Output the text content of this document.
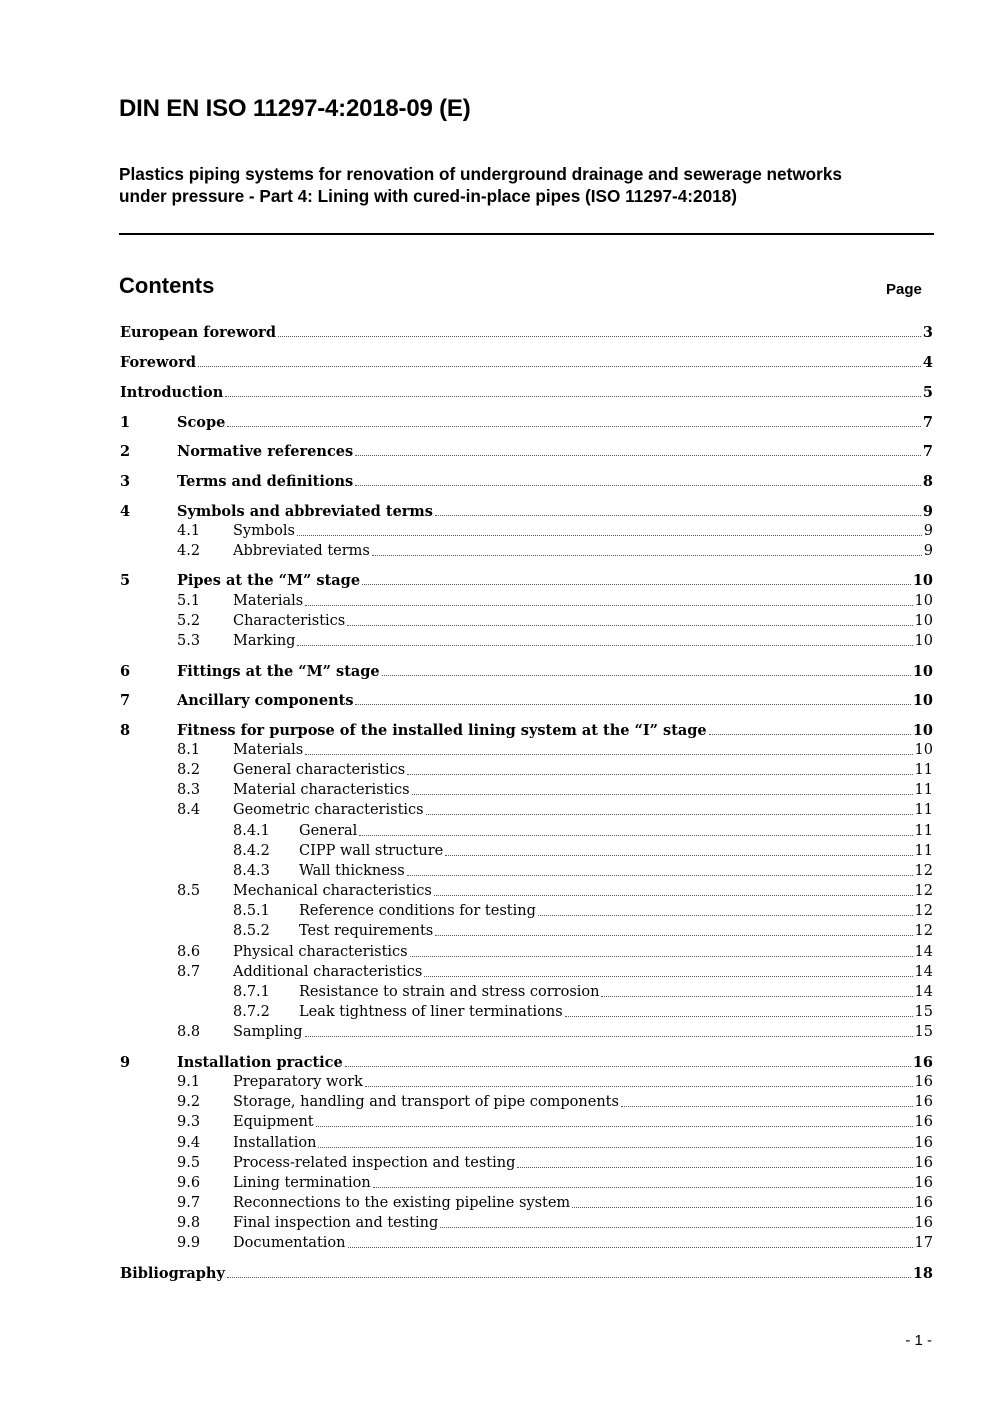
DIN EN ISO 11297-4:2018-09 (E)
Plastics piping systems for renovation of underground drainage and sewerage networks under pressure - Part 4: Lining with cured-in-place pipes (ISO 11297-4:2018)
Contents	Page
European foreword	3
Foreword	4
Introduction	5
1	Scope	7
2	Normative references	7
3	Terms and definitions	8
4	Symbols and abbreviated terms	9
4.1	Symbols	9
4.2	Abbreviated terms	9
5	Pipes at the “M” stage	10
5.1	Materials	10
5.2	Characteristics	10
5.3	Marking	10
6	Fittings at the “M” stage	10
7	Ancillary components	10
8	Fitness for purpose of the installed lining system at the “I” stage	10
8.1	Materials	10
8.2	General characteristics	11
8.3	Material characteristics	11
8.4	Geometric characteristics	11
8.4.1	General	11
8.4.2	CIPP wall structure	11
8.4.3	Wall thickness	12
8.5	Mechanical characteristics	12
8.5.1	Reference conditions for testing	12
8.5.2	Test requirements	12
8.6	Physical characteristics	14
8.7	Additional characteristics	14
8.7.1	Resistance to strain and stress corrosion	14
8.7.2	Leak tightness of liner terminations	15
8.8	Sampling	15
9	Installation practice	16
9.1	Preparatory work	16
9.2	Storage, handling and transport of pipe components	16
9.3	Equipment	16
9.4	Installation	16
9.5	Process-related inspection and testing	16
9.6	Lining termination	16
9.7	Reconnections to the existing pipeline system	16
9.8	Final inspection and testing	16
9.9	Documentation	17
Bibliography	18
- 1 -
